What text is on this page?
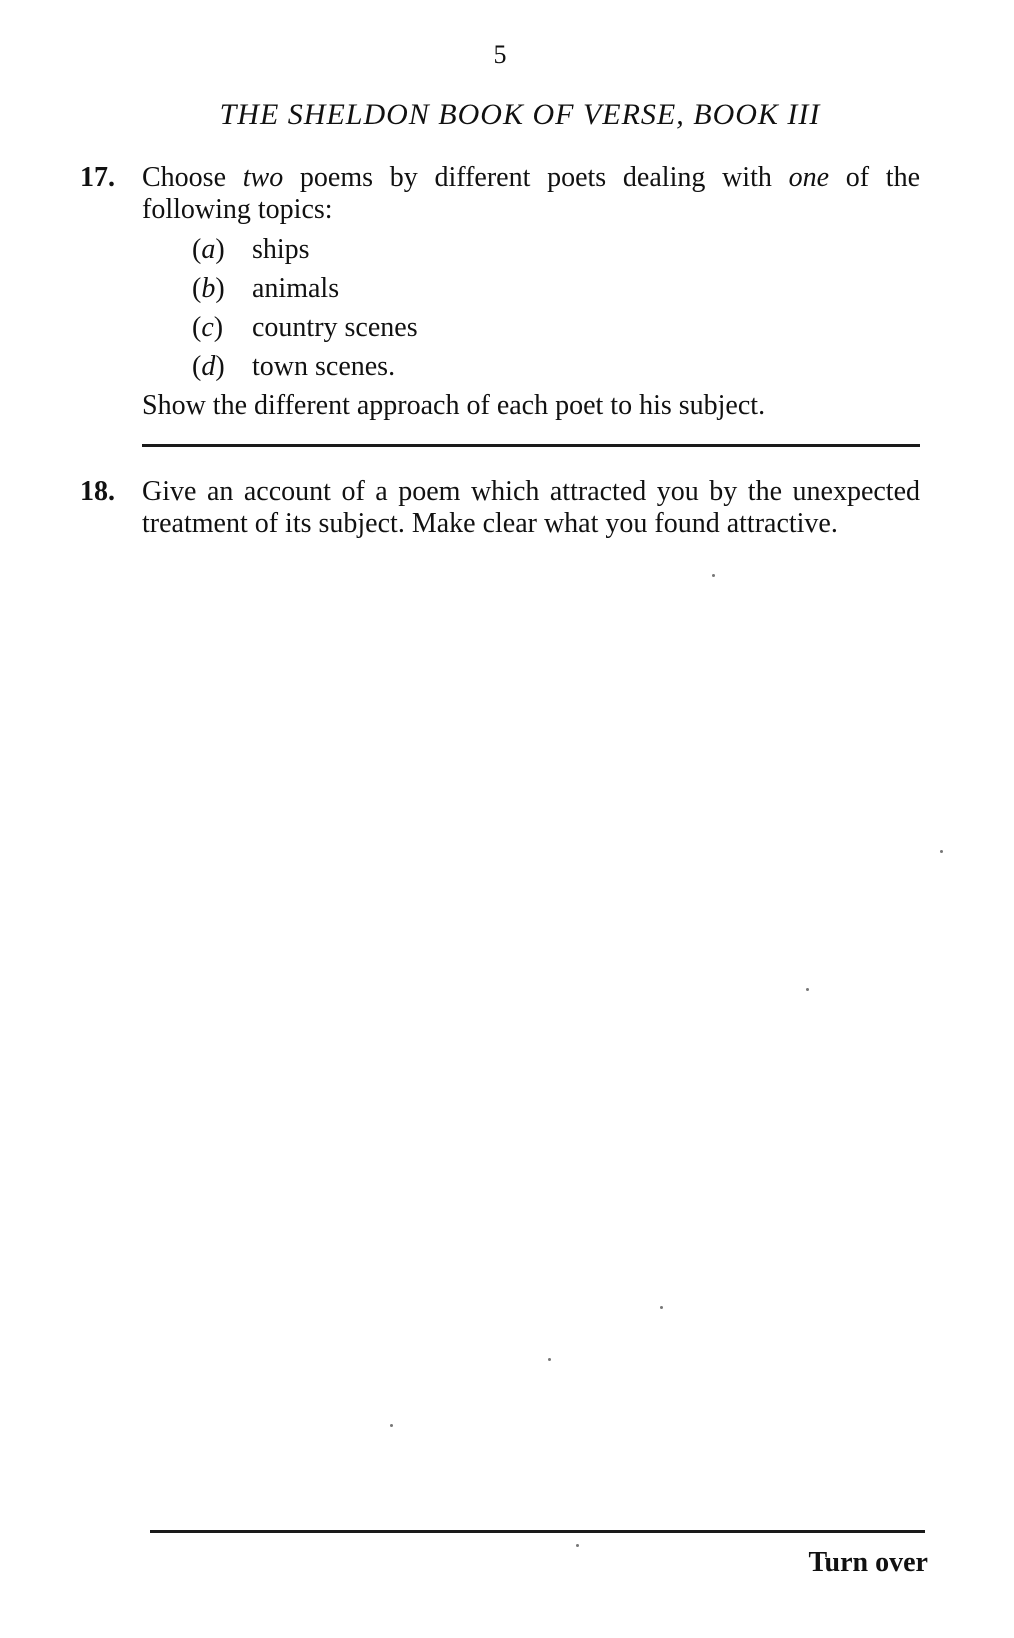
5
THE SHELDON BOOK OF VERSE, BOOK III
17. Choose two poems by different poets dealing with one of the following topics:
(a) ships
(b) animals
(c) country scenes
(d) town scenes.
Show the different approach of each poet to his subject.
18. Give an account of a poem which attracted you by the unexpected treatment of its subject. Make clear what you found attractive.
Turn over
